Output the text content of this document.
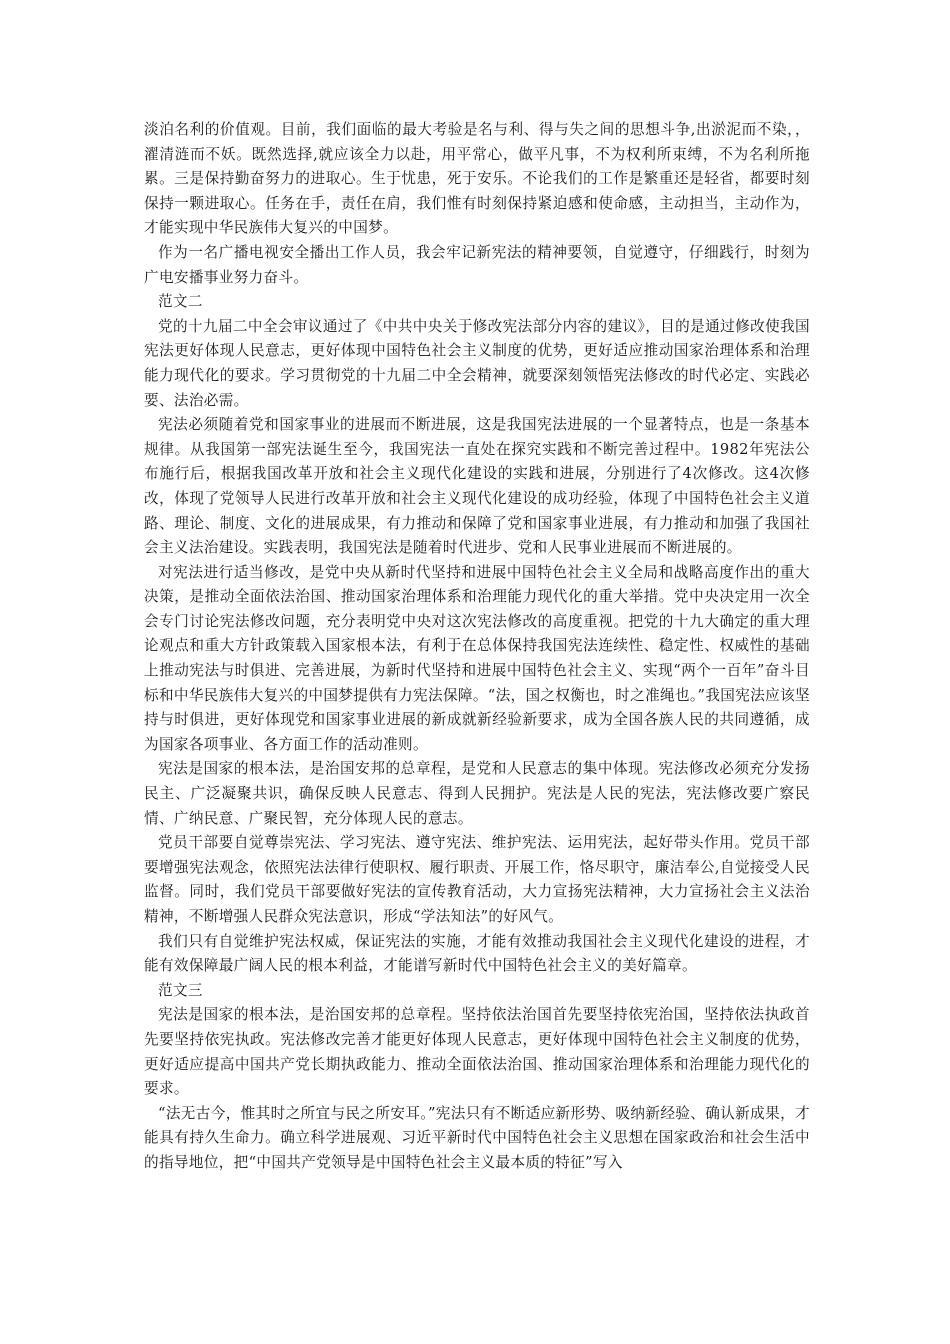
淡泊名利的价值观。目前，我们面临的最大考验是名与利、得与失之间的思想斗争,出淤泥而不染，，濯清涟而不妖。既然选择,就应该全力以赴，用平常心，做平凡事，不为权利所束缚，不为名利所拖累。三是保持勤奋努力的进取心。生于忧患，死于安乐。不论我们的工作是繁重还是轻省，都要时刻保持一颗进取心。任务在手，责任在肩，我们惟有时刻保持紧迫感和使命感，主动担当，主动作为，才能实现中华民族伟大复兴的中国梦。

作为一名广播电视安全播出工作人员，我会牢记新宪法的精神要领，自觉遵守，仔细践行，时刻为广电安播事业努力奋斗。

范文二

党的十九届二中全会审议通过了《中共中央关于修改宪法部分内容的建议》，目的是通过修改使我国宪法更好体现人民意志，更好体现中国特色社会主义制度的优势，更好适应推动国家治理体系和治理能力现代化的要求。学习贯彻党的十九届二中全会精神，就要深刻领悟宪法修改的时代必定、实践必要、法治必需。

宪法必须随着党和国家事业的进展而不断进展，这是我国宪法进展的一个显著特点，也是一条基本规律。从我国第一部宪法诞生至今，我国宪法一直处在探究实践和不断完善过程中。1982年宪法公布施行后，根据我国改革开放和社会主义现代化建设的实践和进展，分别进行了4次修改。这4次修改，体现了党领导人民进行改革开放和社会主义现代化建设的成功经验，体现了中国特色社会主义道路、理论、制度、文化的进展成果，有力推动和保障了党和国家事业进展，有力推动和加强了我国社会主义法治建设。实践表明，我国宪法是随着时代进步、党和人民事业进展而不断进展的。

对宪法进行适当修改，是党中央从新时代坚持和进展中国特色社会主义全局和战略高度作出的重大决策，是推动全面依法治国、推动国家治理体系和治理能力现代化的重大举措。党中央决定用一次全会专门讨论宪法修改问题，充分表明党中央对这次宪法修改的高度重视。把党的十九大确定的重大理论观点和重大方针政策载入国家根本法，有利于在总体保持我国宪法连续性、稳定性、权威性的基础上推动宪法与时俱进、完善进展，为新时代坚持和进展中国特色社会主义、实现“两个一百年”奋斗目标和中华民族伟大复兴的中国梦提供有力宪法保障。“法，国之权衡也，时之准绳也。”我国宪法应该坚持与时俱进，更好体现党和国家事业进展的新成就新经验新要求，成为全国各族人民的共同遵循，成为国家各项事业、各方面工作的活动准则。

宪法是国家的根本法，是治国安邦的总章程，是党和人民意志的集中体现。宪法修改必须充分发扬民主、广泛凝聚共识，确保反映人民意志、得到人民拥护。宪法是人民的宪法，宪法修改要广察民情、广纳民意、广聚民智，充分体现人民的意志。

党员干部要自觉尊崇宪法、学习宪法、遵守宪法、维护宪法、运用宪法，起好带头作用。党员干部要增强宪法观念，依照宪法法律行使职权、履行职责、开展工作，恪尽职守，廉洁奉公,自觉接受人民监督。同时，我们党员干部要做好宪法的宣传教育活动，大力宣扬宪法精神，大力宣扬社会主义法治精神，不断增强人民群众宪法意识，形成“学法知法”的好风气。

我们只有自觉维护宪法权威，保证宪法的实施，才能有效推动我国社会主义现代化建设的进程，才能有效保障最广阔人民的根本利益，才能谱写新时代中国特色社会主义的美好篇章。

范文三

宪法是国家的根本法，是治国安邦的总章程。坚持依法治国首先要坚持依宪治国，坚持依法执政首先要坚持依宪执政。宪法修改完善才能更好体现人民意志，更好体现中国特色社会主义制度的优势，更好适应提高中国共产党长期执政能力、推动全面依法治国、推动国家治理体系和治理能力现代化的要求。

“法无古今，惟其时之所宜与民之所安耳。”宪法只有不断适应新形势、吸纳新经验、确认新成果，才能具有持久生命力。确立科学进展观、习近平新时代中国特色社会主义思想在国家政治和社会生活中的指导地位，把“中国共产党领导是中国特色社会主义最本质的特征”写入
